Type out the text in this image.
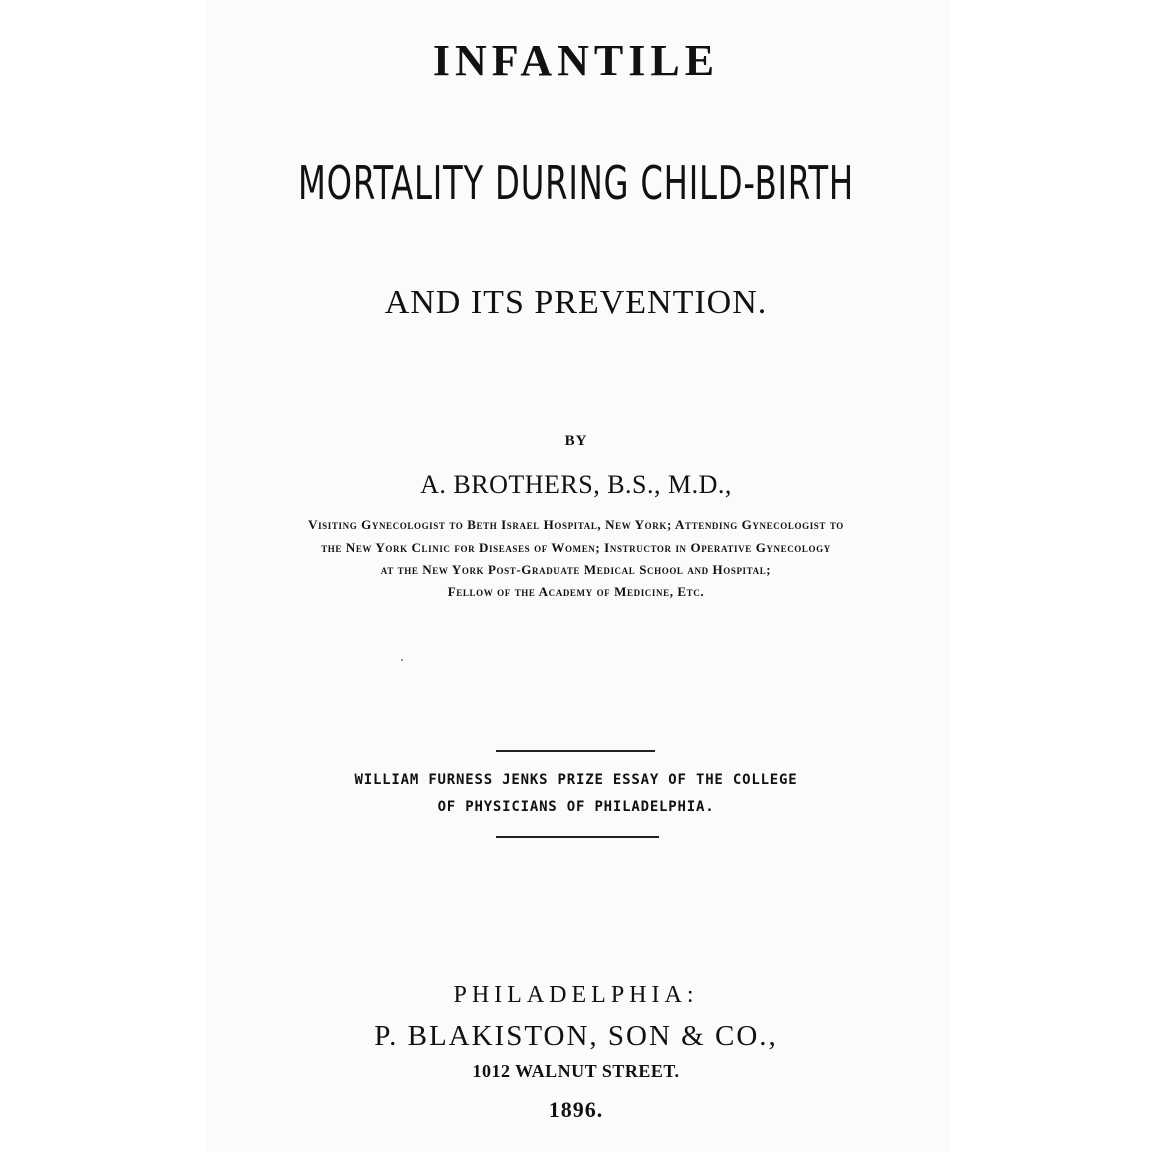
INFANTILE
MORTALITY DURING CHILD-BIRTH
AND ITS PREVENTION.
BY
A. BROTHERS, B.S., M.D.,
Visiting Gynecologist to Beth Israel Hospital, New York; Attending Gynecologist to
the New York Clinic for Diseases of Women; Instructor in Operative Gynecology
at the New York Post-Graduate Medical School and Hospital;
Fellow of the Academy of Medicine, Etc.
WILLIAM FURNESS JENKS PRIZE ESSAY OF THE COLLEGE
OF PHYSICIANS OF PHILADELPHIA.
PHILADELPHIA:
P. BLAKISTON, SON & CO.,
1012 WALNUT STREET.
1896.
